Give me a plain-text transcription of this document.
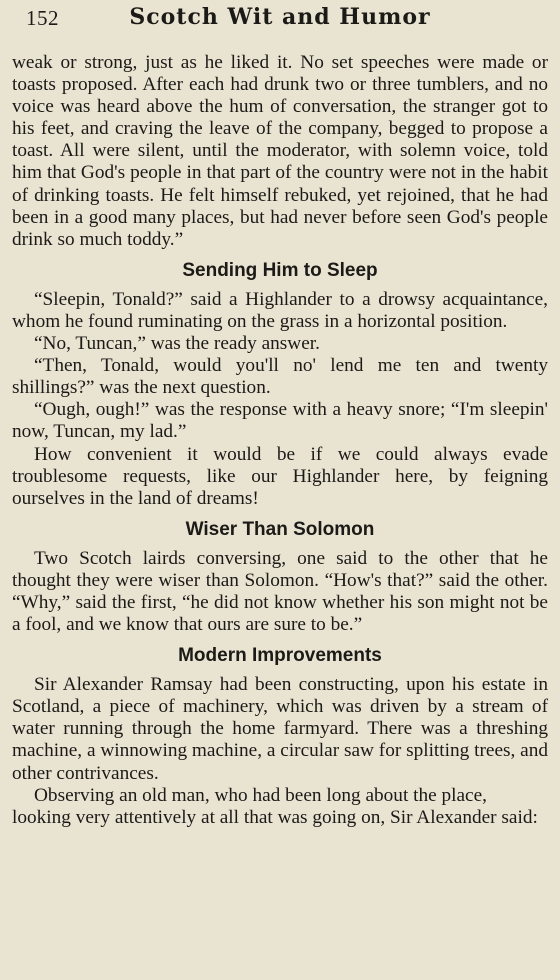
152	Scotch Wit and Humor

weak or strong, just as he liked it. No set speeches were made or toasts proposed. After each had drunk two or three tumblers, and no voice was heard above the hum of conversation, the stranger got to his feet, and craving the leave of the company, begged to propose a toast. All were silent, until the moderator, with solemn voice, told him that God's people in that part of the country were not in the habit of drinking toasts. He felt himself rebuked, yet rejoined, that he had been in a good many places, but had never before seen God's people drink so much toddy.”

Sending Him to Sleep

“Sleepin, Tonald?” said a Highlander to a drowsy acquaintance, whom he found ruminating on the grass in a horizontal position.

“No, Tuncan,” was the ready answer.

“Then, Tonald, would you'll no' lend me ten and twenty shillings?” was the next question.

“Ough, ough!” was the response with a heavy snore; “I'm sleepin' now, Tuncan, my lad.”

How convenient it would be if we could always evade troublesome requests, like our Highlander here, by feigning ourselves in the land of dreams!

Wiser Than Solomon

Two Scotch lairds conversing, one said to the other that he thought they were wiser than Solomon. “How's that?” said the other. “Why,” said the first, “he did not know whether his son might not be a fool, and we know that ours are sure to be.”

Modern Improvements

Sir Alexander Ramsay had been constructing, upon his estate in Scotland, a piece of machinery, which was driven by a stream of water running through the home farmyard. There was a threshing machine, a winnowing machine, a circular saw for splitting trees, and other contrivances.

Observing an old man, who had been long about the place, looking very attentively at all that was going on, Sir Alexander said:
